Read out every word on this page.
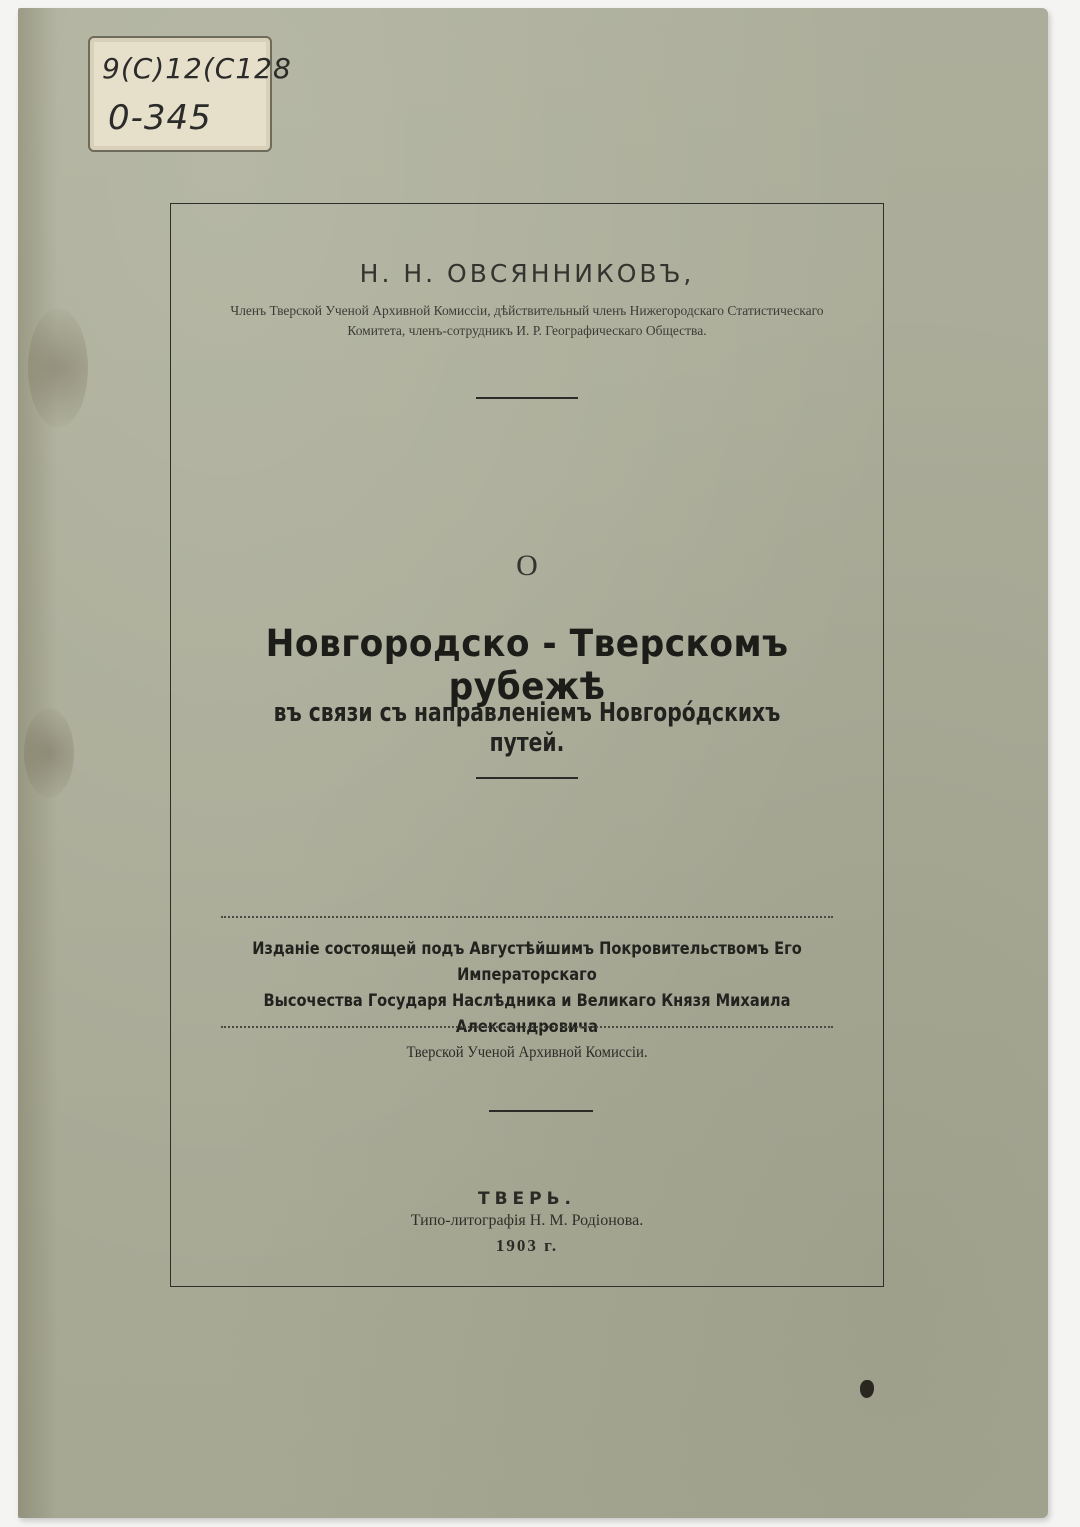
9(С)12(С128
0-345
Н. Н. ОВСЯННИКОВЪ,
Членъ Тверской Ученой Архивной Комиссіи, дѣйствительный членъ Нижегородскаго Статистическаго Комитета, членъ-сотрудникъ И. Р. Географическаго Общества.
О
Новгородско - Тверскомъ рубежѣ
въ связи съ направленіемъ Новгоро́дскихъ путей.
Изданіе состоящей подъ Августѣйшимъ Покровительствомъ Его Императорскаго
Высочества Государя Наслѣдника и Великаго Князя Михаила Александровича
Тверской Ученой Архивной Комиссіи.
ТВЕРЬ.
Типо-литографія Н. М. Родіонова.
1903 г.
